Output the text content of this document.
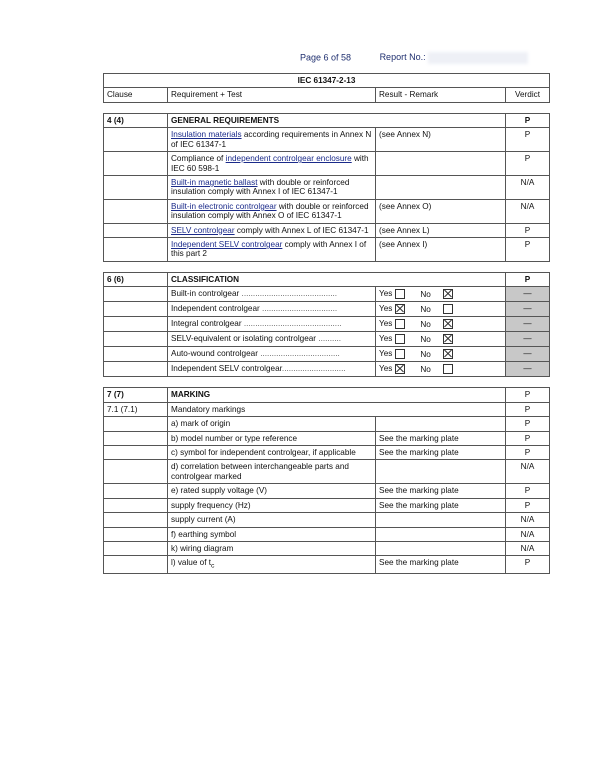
Page 6 of 58	Report No.:
IEC 61347-2-13			
Clause	Requirement + Test	Result - Remark	Verdict

4 (4)	GENERAL REQUIREMENTS		P
	Insulation materials according requirements in Annex N of IEC 61347-1	(see Annex N)	P
	Compliance of independent controlgear enclosure with IEC 60 598-1		P
	Built-in magnetic ballast with double or reinforced insulation comply with Annex I of IEC 61347-1		N/A
	Built-in electronic controlgear with double or reinforced insulation comply with Annex O of IEC 61347-1	(see Annex O)	N/A
	SELV controlgear comply with Annex L of IEC 61347-1	(see Annex L)	P
	Independent SELV controlgear comply with Annex I of this part 2	(see Annex I)	P

6 (6)	CLASSIFICATION		P
	Built-in controlgear ..........................................	Yes No	—
	Independent controlgear .................................	Yes No	—
	Integral controlgear ...........................................	Yes No	—
	SELV-equivalent or isolating controlgear ..........	Yes No	—
	Auto-wound controlgear ...................................	Yes No	—
	Independent SELV controlgear............................	Yes No	—

7 (7)	MARKING		P
7.1 (7.1)	Mandatory markings		P
	a) mark of origin		P
	b) model number or type reference	See the marking plate	P
	c) symbol for independent controlgear, if applicable	See the marking plate	P
	d) correlation between interchangeable parts and controlgear marked		N/A
	e) rated supply voltage (V)	See the marking plate	P
	supply frequency (Hz)	See the marking plate	P
	supply current (A)		N/A
	f) earthing symbol		N/A
	k) wiring diagram		N/A
	l) value of $t_c$	See the marking plate	P
